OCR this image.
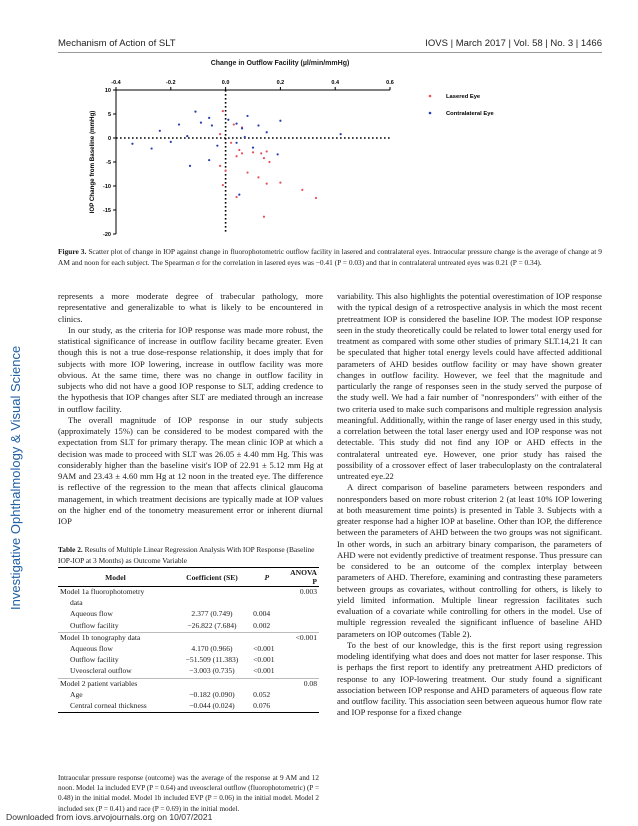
Mechanism of Action of SLT	IOVS | March 2017 | Vol. 58 | No. 3 | 1466
Investigative Ophthalmology & Visual Science
Change in Outflow Facility (µl/min/mmHg)
-0.4	-0.2	0.0	0.2	0.4	0.6
10
5
0
-5
-10
-15
-20
IOP Change from Baseline (mmHg)
Lasered Eye
Contralateral Eye
Figure 3. Scatter plot of change in IOP against change in fluorophotometric outflow facility in lasered and contralateral eyes. Intraocular pressure change is the average of change at 9 AM and noon for each subject. The Spearman σ for the correlation in lasered eyes was −0.41 (P = 0.03) and that in contralateral untreated eyes was 0.21 (P = 0.34).

represents a more moderate degree of trabecular pathology, more representative and generalizable to what is likely to be encountered in clinics.

In our study, as the criteria for IOP response was made more robust, the statistical significance of increase in outflow facility became greater. Even though this is not a true dose-response relationship, it does imply that for subjects with more IOP lowering, increase in outflow facility was more obvious. At the same time, there was no change in outflow facility in subjects who did not have a good IOP response to SLT, adding credence to the hypothesis that IOP changes after SLT are mediated through an increase in outflow facility.

The overall magnitude of IOP response in our study subjects (approximately 15%) can be considered to be modest compared with the expectation from SLT for primary therapy. The mean clinic IOP at which a decision was made to proceed with SLT was 26.05 ± 4.40 mm Hg. This was considerably higher than the baseline visit's IOP of 22.91 ± 5.12 mm Hg at 9AM and 23.43 ± 4.60 mm Hg at 12 noon in the treated eye. The difference is reflective of the regression to the mean that affects clinical glaucoma management, in which treatment decisions are typically made at IOP values on the higher end of the tonometry measurement error or inherent diurnal IOP

Table 2. Results of Multiple Linear Regression Analysis With IOP Response (Baseline IOP-IOP at 3 Months) as Outcome Variable
Model	Coefficient (SE)	P	ANOVA P
Model 1a fluorophotometry			0.003
data			
Aqueous flow	2.377 (0.749)	0.004	
Outflow facility	−26.822 (7.684)	0.002	
Model 1b tonography data			<0.001
Aqueous flow	4.170 (0.966)	<0.001	
Outflow facility	−51.509 (11.383)	<0.001	
Uveoscleral outflow	−3.003 (0.735)	<0.001	
Model 2 patient variables			0.08
Age	−0.182 (0.090)	0.052	
Central corneal thickness	−0.044 (0.024)	0.076	
Intraocular pressure response (outcome) was the average of the response at 9 AM and 12 noon. Model 1a included EVP (P = 0.64) and uveoscleral outflow (fluorophotometric) (P = 0.48) in the initial model. Model 1b included EVP (P = 0.06) in the initial model. Model 2 included sex (P = 0.41) and race (P = 0.69) in the initial model.

variability. This also highlights the potential overestimation of IOP response with the typical design of a retrospective analysis in which the most recent pretreatment IOP is considered the baseline IOP. The modest IOP response seen in the study theoretically could be related to lower total energy used for treatment as compared with some other studies of primary SLT.14,21 It can be speculated that higher total energy levels could have affected additional parameters of AHD besides outflow facility or may have shown greater changes in outflow facility. However, we feel that the magnitude and particularly the range of responses seen in the study served the purpose of the study well. We had a fair number of "nonresponders" with either of the two criteria used to make such comparisons and multiple regression analysis meaningful. Additionally, within the range of laser energy used in this study, a correlation between the total laser energy used and IOP response was not detectable. This study did not find any IOP or AHD effects in the contralateral untreated eye. However, one prior study has raised the possibility of a crossover effect of laser trabeculoplasty on the contralateral untreated eye.22

A direct comparison of baseline parameters between responders and nonresponders based on more robust criterion 2 (at least 10% IOP lowering at both measurement time points) is presented in Table 3. Subjects with a greater response had a higher IOP at baseline. Other than IOP, the difference between the parameters of AHD between the two groups was not significant. In other words, in such an arbitrary binary comparison, the parameters of AHD were not evidently predictive of treatment response. Thus pressure can be considered to be an outcome of the complex interplay between parameters of AHD. Therefore, examining and contrasting these parameters between groups as covariates, without controlling for others, is likely to yield limited information. Multiple linear regression facilitates such evaluation of a covariate while controlling for others in the model. Use of multiple regression revealed the significant influence of baseline AHD parameters on IOP outcomes (Table 2).

To the best of our knowledge, this is the first report using regression modeling identifying what does and does not matter for laser response. This is perhaps the first report to identify any pretreatment AHD predictors of response to any IOP-lowering treatment. Our study found a significant association between IOP response and AHD parameters of aqueous flow rate and outflow facility. This association seen between aqueous humor flow rate and IOP response for a fixed change

Downloaded from iovs.arvojournals.org on 10/07/2021
